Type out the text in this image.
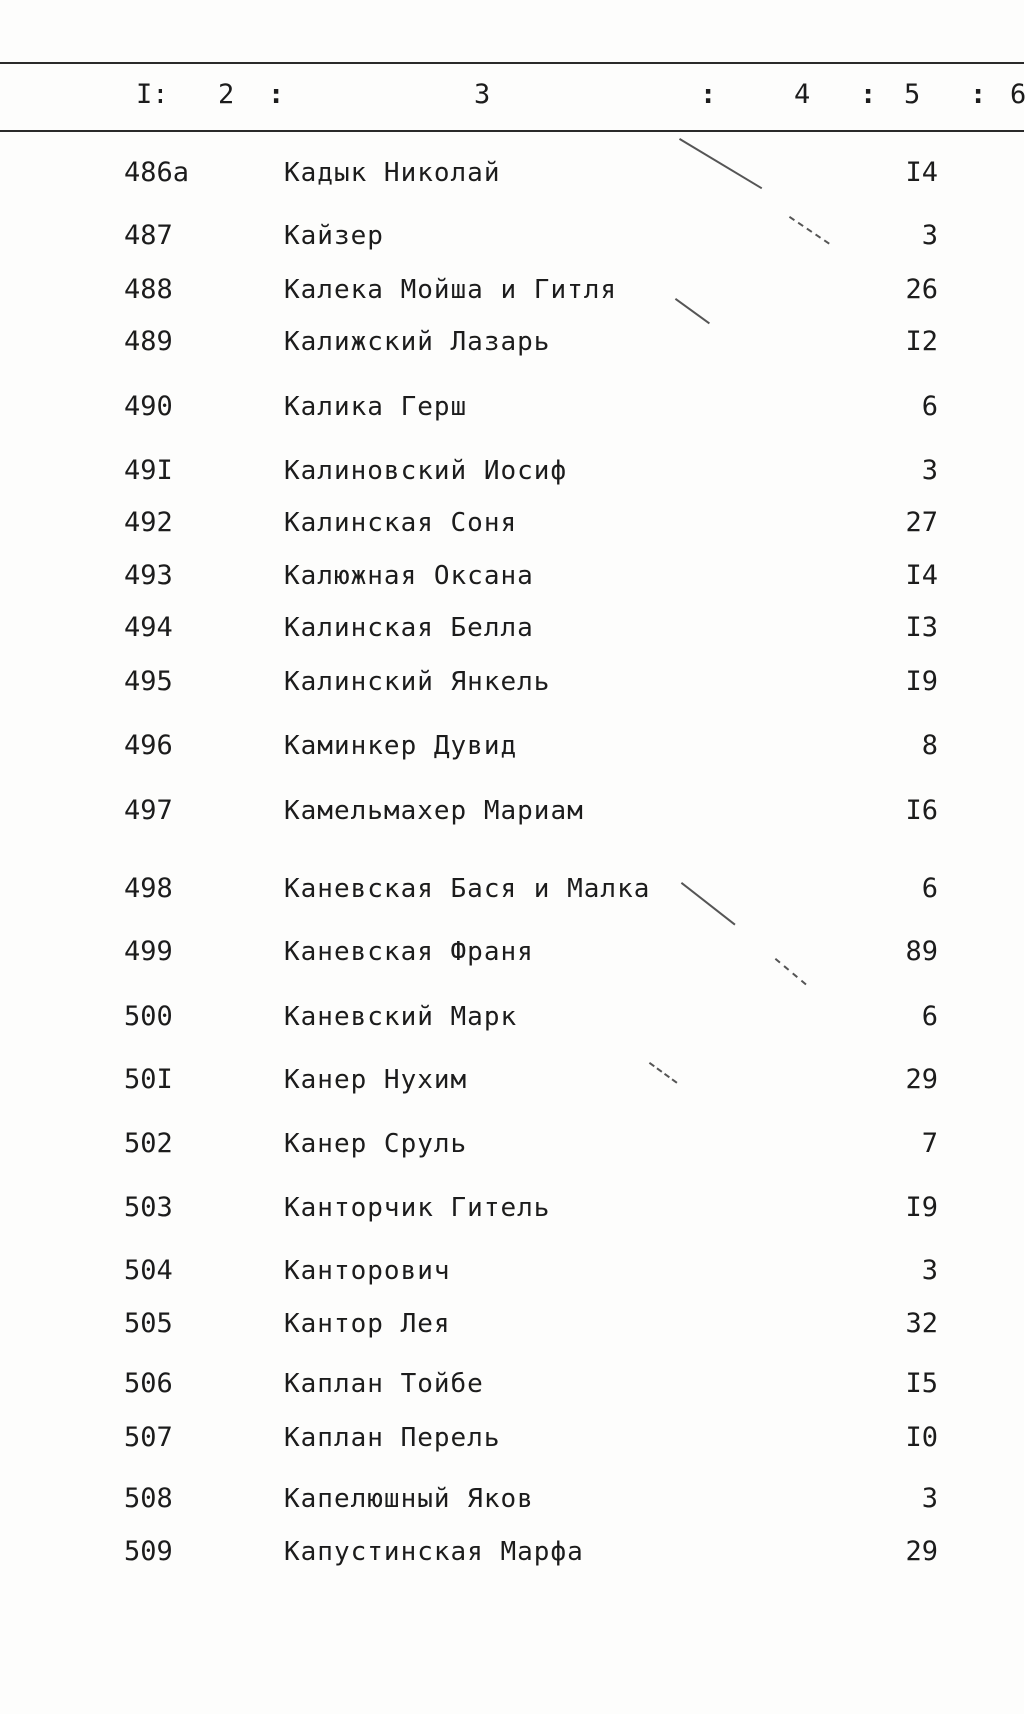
I: 2 :	3	:	4 : 5 : 6
486а	Кадык Николай	I4
487	Кайзер	3
488	Калека Мойша и Гитля	26
489	Калижский Лазарь	I2
490	Калика Герш	6
49I	Калиновский Иосиф	3
492	Калинская Соня	27
493	Калюжная Оксана	I4
494	Калинская Белла	I3
495	Калинский Янкель	I9
496	Каминкер Дувид	8
497	Камельмахер Мариам	I6
498	Каневская Бася и Малка	6
499	Каневская Франя	89
500	Каневский Марк	6
50I	Канер Нухим	29
502	Канер Сруль	7
503	Канторчик Гитель	I9
504	Канторович	3
505	Кантор Лея	32
506	Каплан Тойбе	I5
507	Каплан Перель	I0
508	Капелюшный Яков	3
509	Капустинская Марфа	29
